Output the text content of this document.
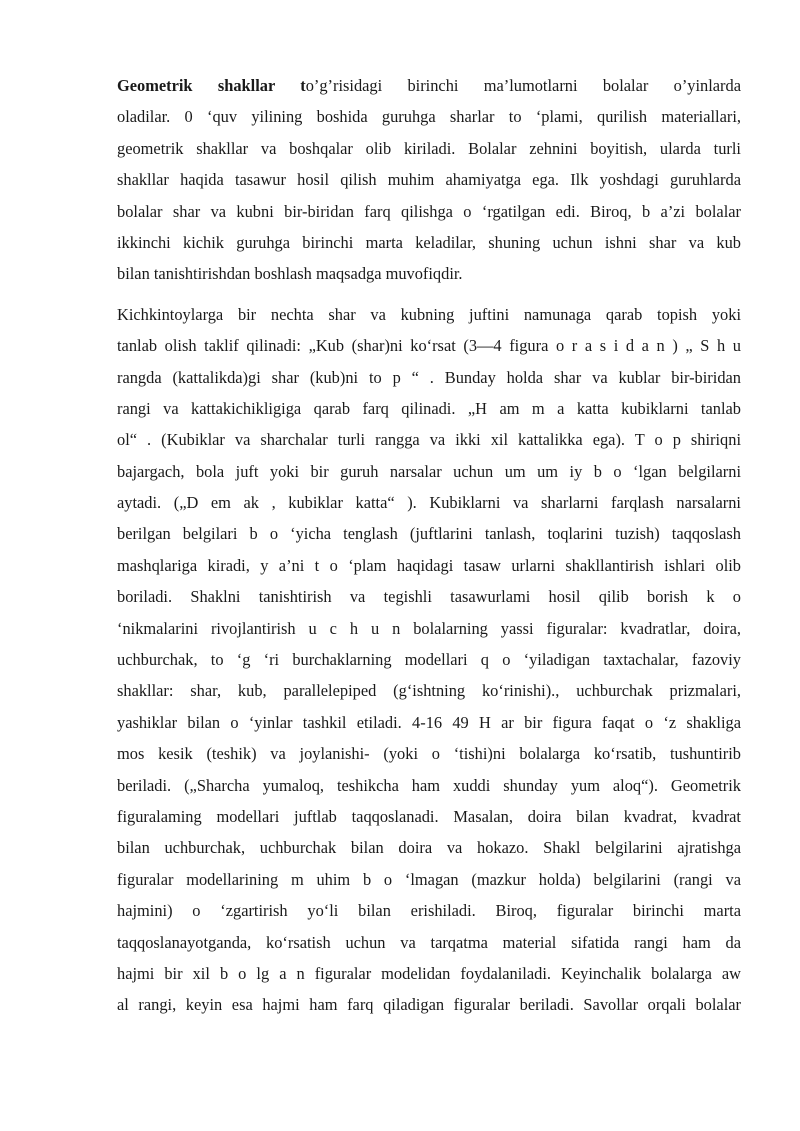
Geometrik shakllar to’g’risidagi birinchi ma’lumotlarni bolalar o’yinlarda
oladilar. 0 ‘quv yilining boshida guruhga sharlar to ‘plami, qurilish materiallari,
geometrik shakllar va boshqalar olib kiriladi. Bolalar zehnini boyitish, ularda turli
shakllar haqida tasawur hosil qilish muhim ahamiyatga ega. Ilk yoshdagi guruhlarda
bolalar shar va kubni bir-biridan farq qilishga o ‘rgatilgan edi. Biroq, b a’zi bolalar
ikkinchi kichik guruhga birinchi marta keladilar, shuning uchun ishni shar va kub
bilan tanishtirishdan boshlash maqsadga muvofiqdir.

Kichkintoylarga bir nechta shar va kubning juftini namunaga qarab topish yoki
tanlab olish taklif qilinadi: „Kub (shar)ni ko‘rsat (3—4 figura o r a s i d a n ) „ S h u
rangda (kattalikda)gi shar (kub)ni to p “ . Bunday holda shar va kublar bir-biridan
rangi va kattakichikligiga qarab farq qilinadi. „H am m a katta kubiklarni tanlab
ol“ . (Kubiklar va sharchalar turli rangga va ikki xil kattalikka ega). T o p shiriqni
bajargach, bola juft yoki bir guruh narsalar uchun um um iy b o ‘lgan belgilarni
aytadi. („D em ak , kubiklar katta“ ). Kubiklarni va sharlarni farqlash narsalarni
berilgan belgilari b o ‘yicha tenglash (juftlarini tanlash, toqlarini tuzish) taqqoslash
mashqlariga kiradi, y a’ni t o ‘plam haqidagi tasaw urlarni shakllantirish ishlari olib
boriladi. Shaklni tanishtirish va tegishli tasawurlami hosil qilib borish k o
‘nikmalarini rivojlantirish u c h u n bolalarning yassi figuralar: kvadratlar, doira,
uchburchak, to ‘g ‘ri burchaklarning modellari q o ‘yiladigan taxtachalar, fazoviy
shakllar: shar, kub, parallelepiped (g‘ishtning ko‘rinishi)., uchburchak prizmalari,
yashiklar bilan o ‘yinlar tashkil etiladi. 4-16 49 H ar bir figura faqat o ‘z shakliga
mos kesik (teshik) va joylanishi- (yoki o ‘tishi)ni bolalarga ko‘rsatib, tushuntirib
beriladi. („Sharcha yumaloq, teshikcha ham xuddi shunday yum aloq“). Geometrik
figuralaming modellari juftlab taqqoslanadi. Masalan, doira bilan kvadrat, kvadrat
bilan uchburchak, uchburchak bilan doira va hokazo. Shakl belgilarini ajratishga
figuralar modellarining m uhim b o ‘lmagan (mazkur holda) belgilarini (rangi va
hajmini) o ‘zgartirish yo‘li bilan erishiladi. Biroq, figuralar birinchi marta
taqqoslanayotganda, ko‘rsatish uchun va tarqatma material sifatida rangi ham da
hajmi bir xil b o lg a n figuralar modelidan foydalaniladi. Keyinchalik bolalarga aw
al rangi, keyin esa hajmi ham farq qiladigan figuralar beriladi. Savollar orqali bolalar
